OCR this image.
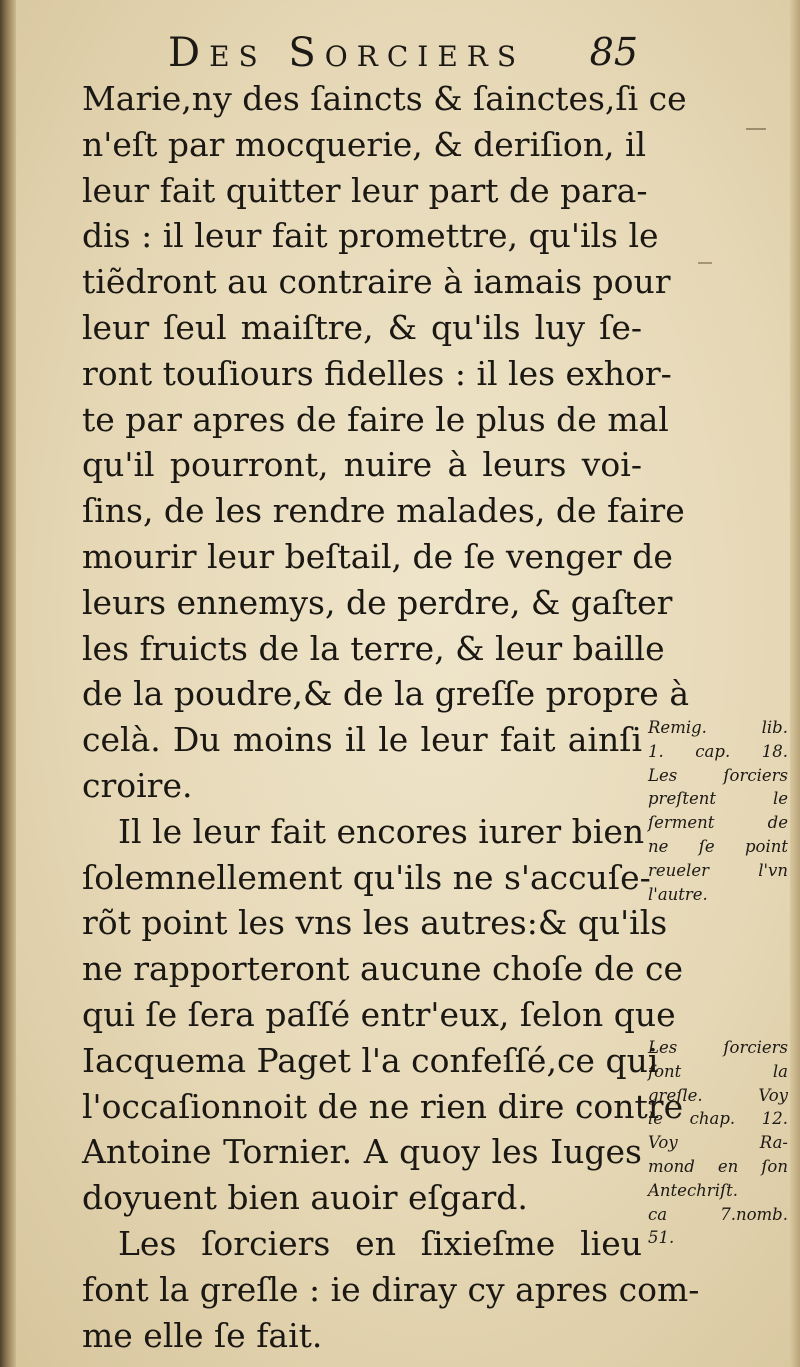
Des Sorciers 85
Marie,ny des ſaincts & ſainctes,ſi ce
n'eſt par mocquerie, & deriſion, il
leur fait quitter leur part de para-
dis : il leur fait promettre, qu'ils le
tiẽdront au contraire à iamais pour
leur ſeul maiſtre, & qu'ils luy ſe-
ront touſiours fidelles : il les exhor-
te par apres de faire le plus de mal
qu'il pourront, nuire à leurs voi-
ſins, de les rendre malades, de faire
mourir leur beſtail, de ſe venger de
leurs ennemys, de perdre, & gaſter
les fruicts de la terre, & leur baille
de la poudre,& de la greſſe propre à
celà. Du moins il le leur fait ainſi
croire.
Il le leur fait encores iurer bien
ſolemnellement qu'ils ne s'accuſe-
rõt point les vns les autres:& qu'ils
ne rapporteront aucune choſe de ce
qui ſe ſera paſſé entr'eux, ſelon que
Iacquema Paget l'a confeſſé,ce qui
l'occaſionnoit de ne rien dire contre
Antoine Tornier. A quoy les Iuges
doyuent bien auoir eſgard.
Les ſorciers en ſixieſme lieu
font la greſle : ie diray cy apres com-
me elle ſe fait.
Remig. lib.
1. cap. 18.
Les ſorciers
preſtent le
ſerment de
ne ſe point
reueler l'vn
l'autre.
Les ſorciers
font la
greſle. Voy
le chap. 12.
Voy Ra-
mond en ſon
Antechriſt.
ca 7.nomb.
51.
